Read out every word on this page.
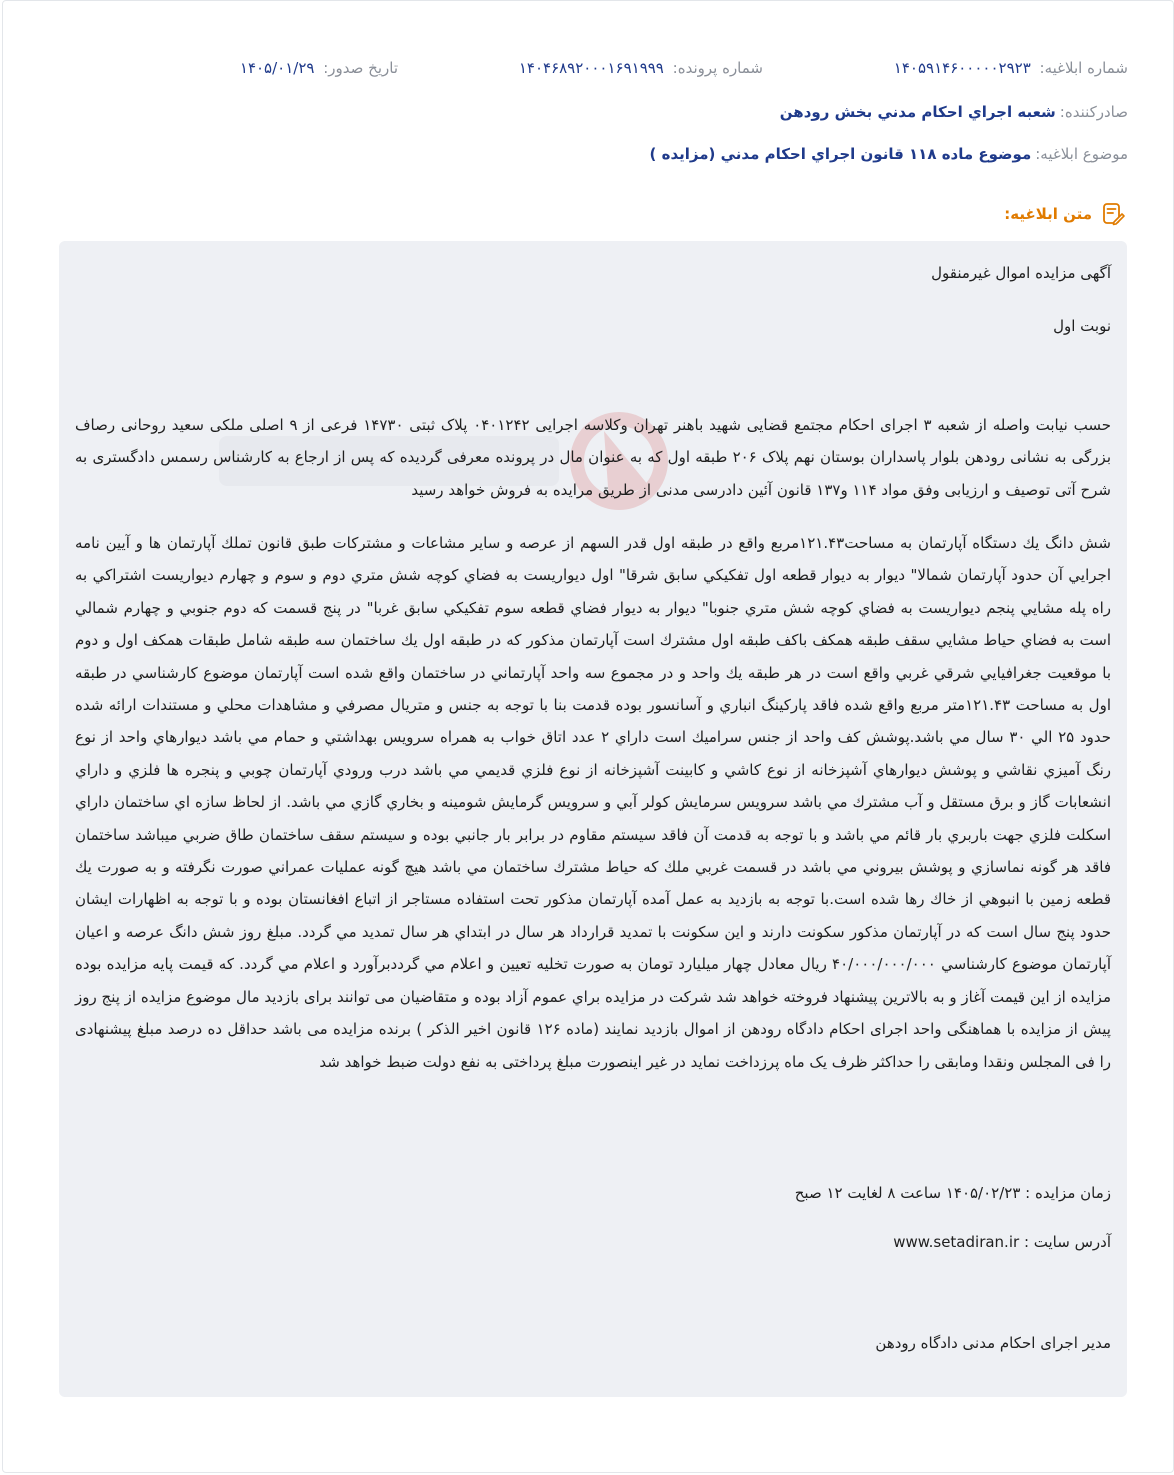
شماره ابلاغيه: ۱۴۰۵۹۱۴۶۰۰۰۰۰۲۹۲۳
شماره پرونده: ۱۴۰۴۶۸۹۲۰۰۰۱۶۹۱۹۹۹
تاريخ صدور: ۱۴۰۵/۰۱/۲۹
صادرکننده:
شعبه اجراي احكام مدني بخش رودهن
موضوع ابلاغيه:
موضوع ماده ۱۱۸ قانون اجراي احكام مدني (مزايده )
متن ابلاغيه:
آگهی مزایده اموال غیرمنقول
نوبت اول
حسب نیابت واصله از شعبه ۳ اجرای احکام مجتمع قضایی شهید باهنر تهران وکلاسه اجرایی ۰۴۰۱۲۴۲ پلاک ثبتی ۱۴۷۳۰ فرعی از ۹ اصلی ملکی سعید روحانی رصاف بزرگی به نشانی رودهن بلوار پاسداران بوستان نهم پلاک ۲۰۶ طبقه اول که به عنوان مال در پرونده معرفی گردیده که پس از ارجاع به کارشناس رسمس دادگستری به شرح آتی توصیف و ارزیابی وفق مواد ۱۱۴ و۱۳۷ قانون آئین دادرسی مدنی از طریق مرایده به فروش خواهد رسید
شش دانگ يك دستگاه آپارتمان به مساحت۱۲۱.۴۳مربع واقع در طبقه اول قدر السهم از عرصه و ساير مشاعات و مشتركات طبق قانون تملك آپارتمان ها و آيين نامه اجرايي آن حدود آپارتمان شمالا" ديوار به ديوار قطعه اول تفكيكي سابق شرقا" اول ديواريست به فضاي كوچه شش متري دوم و سوم و چهارم ديواريست اشتراكي به راه پله مشايي پنجم ديواريست به فضاي كوچه شش متري جنوبا" ديوار به ديوار فضاي قطعه سوم تفكيكي سابق غربا" در پنج قسمت كه دوم جنوبي و چهارم شمالي است به فضاي حياط مشايي سقف طبقه همكف باكف طبقه اول مشترك است آپارتمان مذكور كه در طبقه اول يك ساختمان سه طبقه شامل طبقات همكف اول و دوم با موقعيت جغرافيايي شرقي غربي واقع است در هر طبقه يك واحد و در مجموع سه واحد آپارتماني در ساختمان واقع شده است آپارتمان موضوع كارشناسي در طبقه اول به مساحت ۱۲۱.۴۳متر مربع واقع شده فاقد پاركينگ انباري و آسانسور بوده قدمت بنا با توجه به جنس و متريال مصرفي و مشاهدات محلي و مستندات ارائه شده حدود ۲۵ الي ۳۰ سال مي باشد.پوشش كف واحد از جنس سراميك است داراي ۲ عدد اتاق خواب به همراه سرويس بهداشتي و حمام مي باشد ديوارهاي واحد از نوع رنگ آميزي نقاشي و پوشش ديوارهاي آشپزخانه از نوع كاشي و كابينت آشپزخانه از نوع فلزي قديمي مي باشد درب ورودي آپارتمان چوبي و پنجره ها فلزي و داراي انشعابات گاز و برق مستقل و آب مشترك مي باشد سرويس سرمايش كولر آبي و سرويس گرمايش شومينه و بخاري گازي مي باشد. از لحاظ سازه اي ساختمان داراي اسكلت فلزي جهت باربري بار قائم مي باشد و با توجه به قدمت آن فاقد سيستم مقاوم در برابر بار جانبي بوده و سيستم سقف ساختمان طاق ضربي ميباشد ساختمان فاقد هر گونه نماسازي و پوشش بيروني مي باشد در قسمت غربي ملك كه حياط مشترك ساختمان مي باشد هيچ گونه عمليات عمراني صورت نگرفته و به صورت يك قطعه زمين با انبوهي از خاك رها شده است.با توجه به بازديد به عمل آمده آپارتمان مذكور تحت استفاده مستاجر از اتباع افغانستان بوده و با توجه به اظهارات ايشان حدود پنج سال است كه در آپارتمان مذكور سكونت دارند و اين سكونت با تمديد قرارداد هر سال در ابتداي هر سال تمديد مي گردد. مبلغ روز شش دانگ عرصه و اعيان آپارتمان موضوع كارشناسي ۴۰/۰۰۰/۰۰۰/۰۰۰ ريال معادل چهار ميليارد تومان به صورت تخليه تعيين و اعلام مي گرددبرآورد و اعلام مي گردد. كه قيمت پايه مزايده بوده مزايده از اين قيمت آغاز و به بالاترين پيشنهاد فروخته خواهد شد شركت در مزايده براي عموم آزاد بوده و متقاضيان می توانند برای بازدید مال موضوع مزایده از پنج روز پیش از مزایده با هماهنگی واحد اجرای احکام دادگاه رودهن از اموال بازدید نمایند (ماده ۱۲۶ قانون اخیر الذکر ) برنده مزایده می باشد حداقل ده درصد مبلغ پیشنهادی را فی المجلس ونقدا ومابقی را حداکثر ظرف یک ماه پرزداخت نماید در غیر اینصورت مبلغ پرداختی به نفع دولت ضبط خواهد شد
زمان مزایده : ۱۴۰۵/۰۲/۲۳ ساعت ۸ لغایت ۱۲ صبح
آدرس سایت : www.setadiran.ir
مدیر اجرای احکام مدنی دادگاه رودهن
